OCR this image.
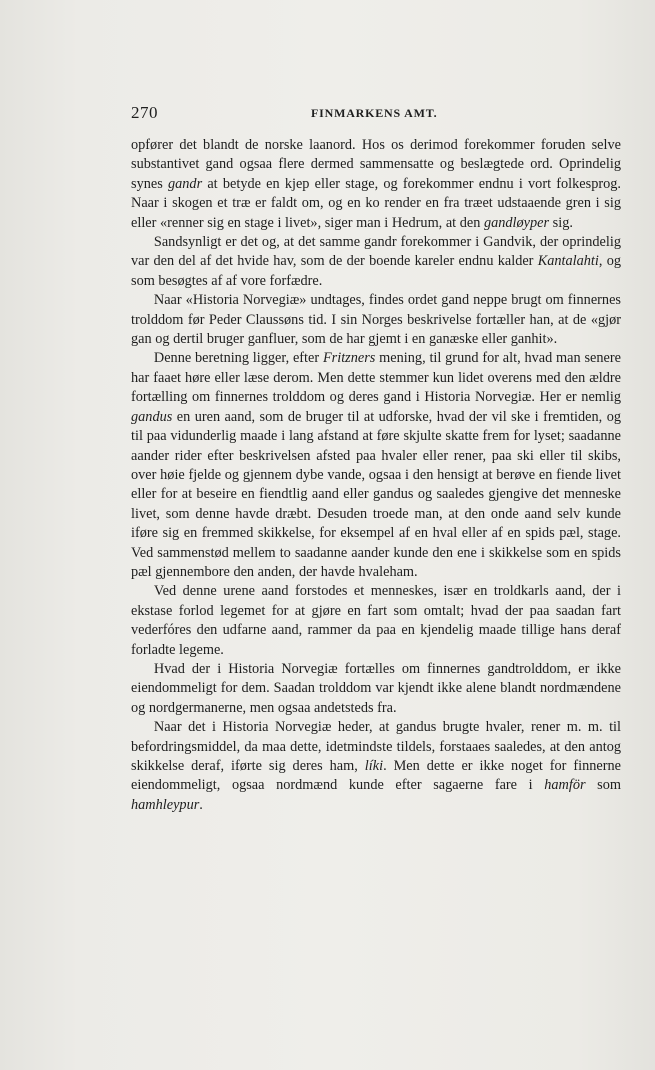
270	FINMARKENS AMT.

opfører det blandt de norske laanord. Hos os derimod forekommer foruden selve substantivet gand ogsaa flere dermed sammensatte og beslægtede ord. Oprindelig synes gandr at betyde en kjep eller stage, og forekommer endnu i vort folkesprog. Naar i skogen et træ er faldt om, og en ko render en fra træet udstaaende gren i sig eller «renner sig en stage i livet», siger man i Hedrum, at den gandløyper sig.

Sandsynligt er det og, at det samme gandr forekommer i Gandvik, der oprindelig var den del af det hvide hav, som de der boende kareler endnu kalder Kantalahti, og som besøgtes af af vore forfædre.

Naar «Historia Norvegiæ» undtages, findes ordet gand neppe brugt om finnernes trolddom før Peder Claussøns tid. I sin Norges beskrivelse fortæller han, at de «gjør gan og dertil bruger ganfluer, som de har gjemt i en ganæske eller ganhit».

Denne beretning ligger, efter Fritzners mening, til grund for alt, hvad man senere har faaet høre eller læse derom. Men dette stemmer kun lidet overens med den ældre fortælling om finnernes trolddom og deres gand i Historia Norvegiæ. Her er nemlig gandus en uren aand, som de bruger til at udforske, hvad der vil ske i fremtiden, og til paa vidunderlig maade i lang afstand at føre skjulte skatte frem for lyset; saadanne aander rider efter beskrivelsen afsted paa hvaler eller rener, paa ski eller til skibs, over høie fjelde og gjennem dybe vande, ogsaa i den hensigt at berøve en fiende livet eller for at beseire en fiendtlig aand eller gandus og saaledes gjengive det menneske livet, som denne havde dræbt. Desuden troede man, at den onde aand selv kunde iføre sig en fremmed skikkelse, for eksempel af en hval eller af en spids pæl, stage. Ved sammenstød mellem to saadanne aander kunde den ene i skikkelse som en spids pæl gjennembore den anden, der havde hvaleham.

Ved denne urene aand forstodes et menneskes, især en troldkarls aand, der i ekstase forlod legemet for at gjøre en fart som omtalt; hvad der paa saadan fart vederfóres den udfarne aand, rammer da paa en kjendelig maade tillige hans deraf forladte legeme.

Hvad der i Historia Norvegiæ fortælles om finnernes gandtrolddom, er ikke eiendommeligt for dem. Saadan trolddom var kjendt ikke alene blandt nordmændene og nordgermanerne, men ogsaa andetsteds fra.

Naar det i Historia Norvegiæ heder, at gandus brugte hvaler, rener m. m. til befordringsmiddel, da maa dette, idetmindste tildels, forstaaes saaledes, at den antog skikkelse deraf, iførte sig deres ham, líki. Men dette er ikke noget for finnerne eiendommeligt, ogsaa nordmænd kunde efter sagaerne fare i hamför som hamhleypur.
